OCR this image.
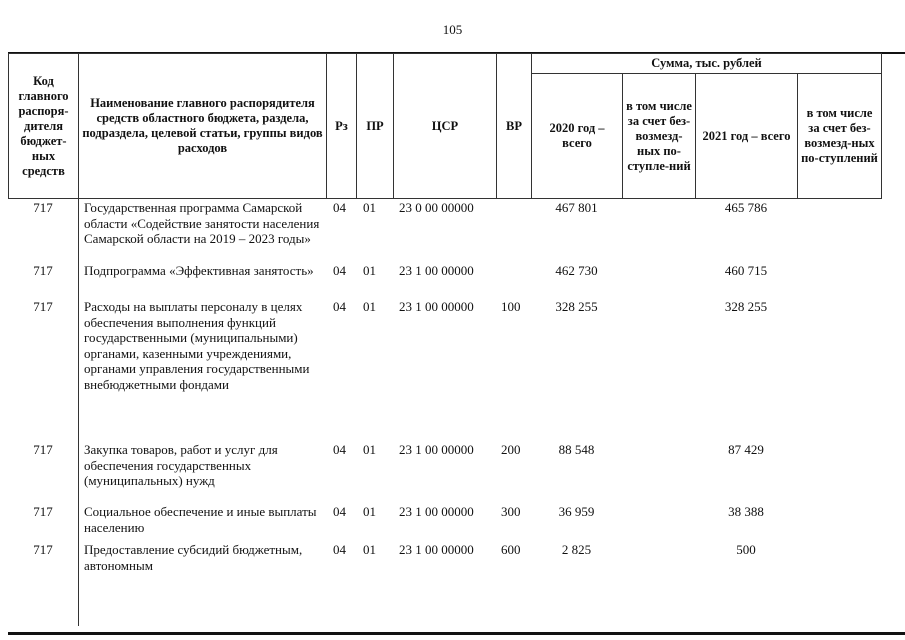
105
Код главного распоря-дителя бюджет-ных средств	Наименование главного распорядителя средств областного бюджета, раздела, подраздела, целевой статьи, группы видов расходов	Рз	ПР	ЦСР	ВР	Сумма, тыс. рублей			
						2020 год – всего	в том числе за счет без-возмезд-ных по-ступле-ний	2021 год – всего	в том числе за счет без-возмезд-ных по-ступлений
717	Государственная программа Самарской области «Содействие занятости населения Самарской области на 2019 – 2023 годы»	04	01	23 0 00 00000		467 801		465 786	
717	Подпрограмма «Эффективная занятость»	04	01	23 1 00 00000		462 730		460 715	
717	Расходы на выплаты персоналу в целях обеспечения выполнения функций государственными (муниципальными) органами, казенными учреждениями, органами управления государственными внебюджетными фондами	04	01	23 1 00 00000	100	328 255		328 255	
717	Закупка товаров, работ и услуг для обеспечения государственных (муниципальных) нужд	04	01	23 1 00 00000	200	88 548		87 429	
717	Социальное обеспечение и иные выплаты населению	04	01	23 1 00 00000	300	36 959		38 388	
717	Предоставление субсидий бюджетным, автономным	04	01	23 1 00 00000	600	2 825		500	
